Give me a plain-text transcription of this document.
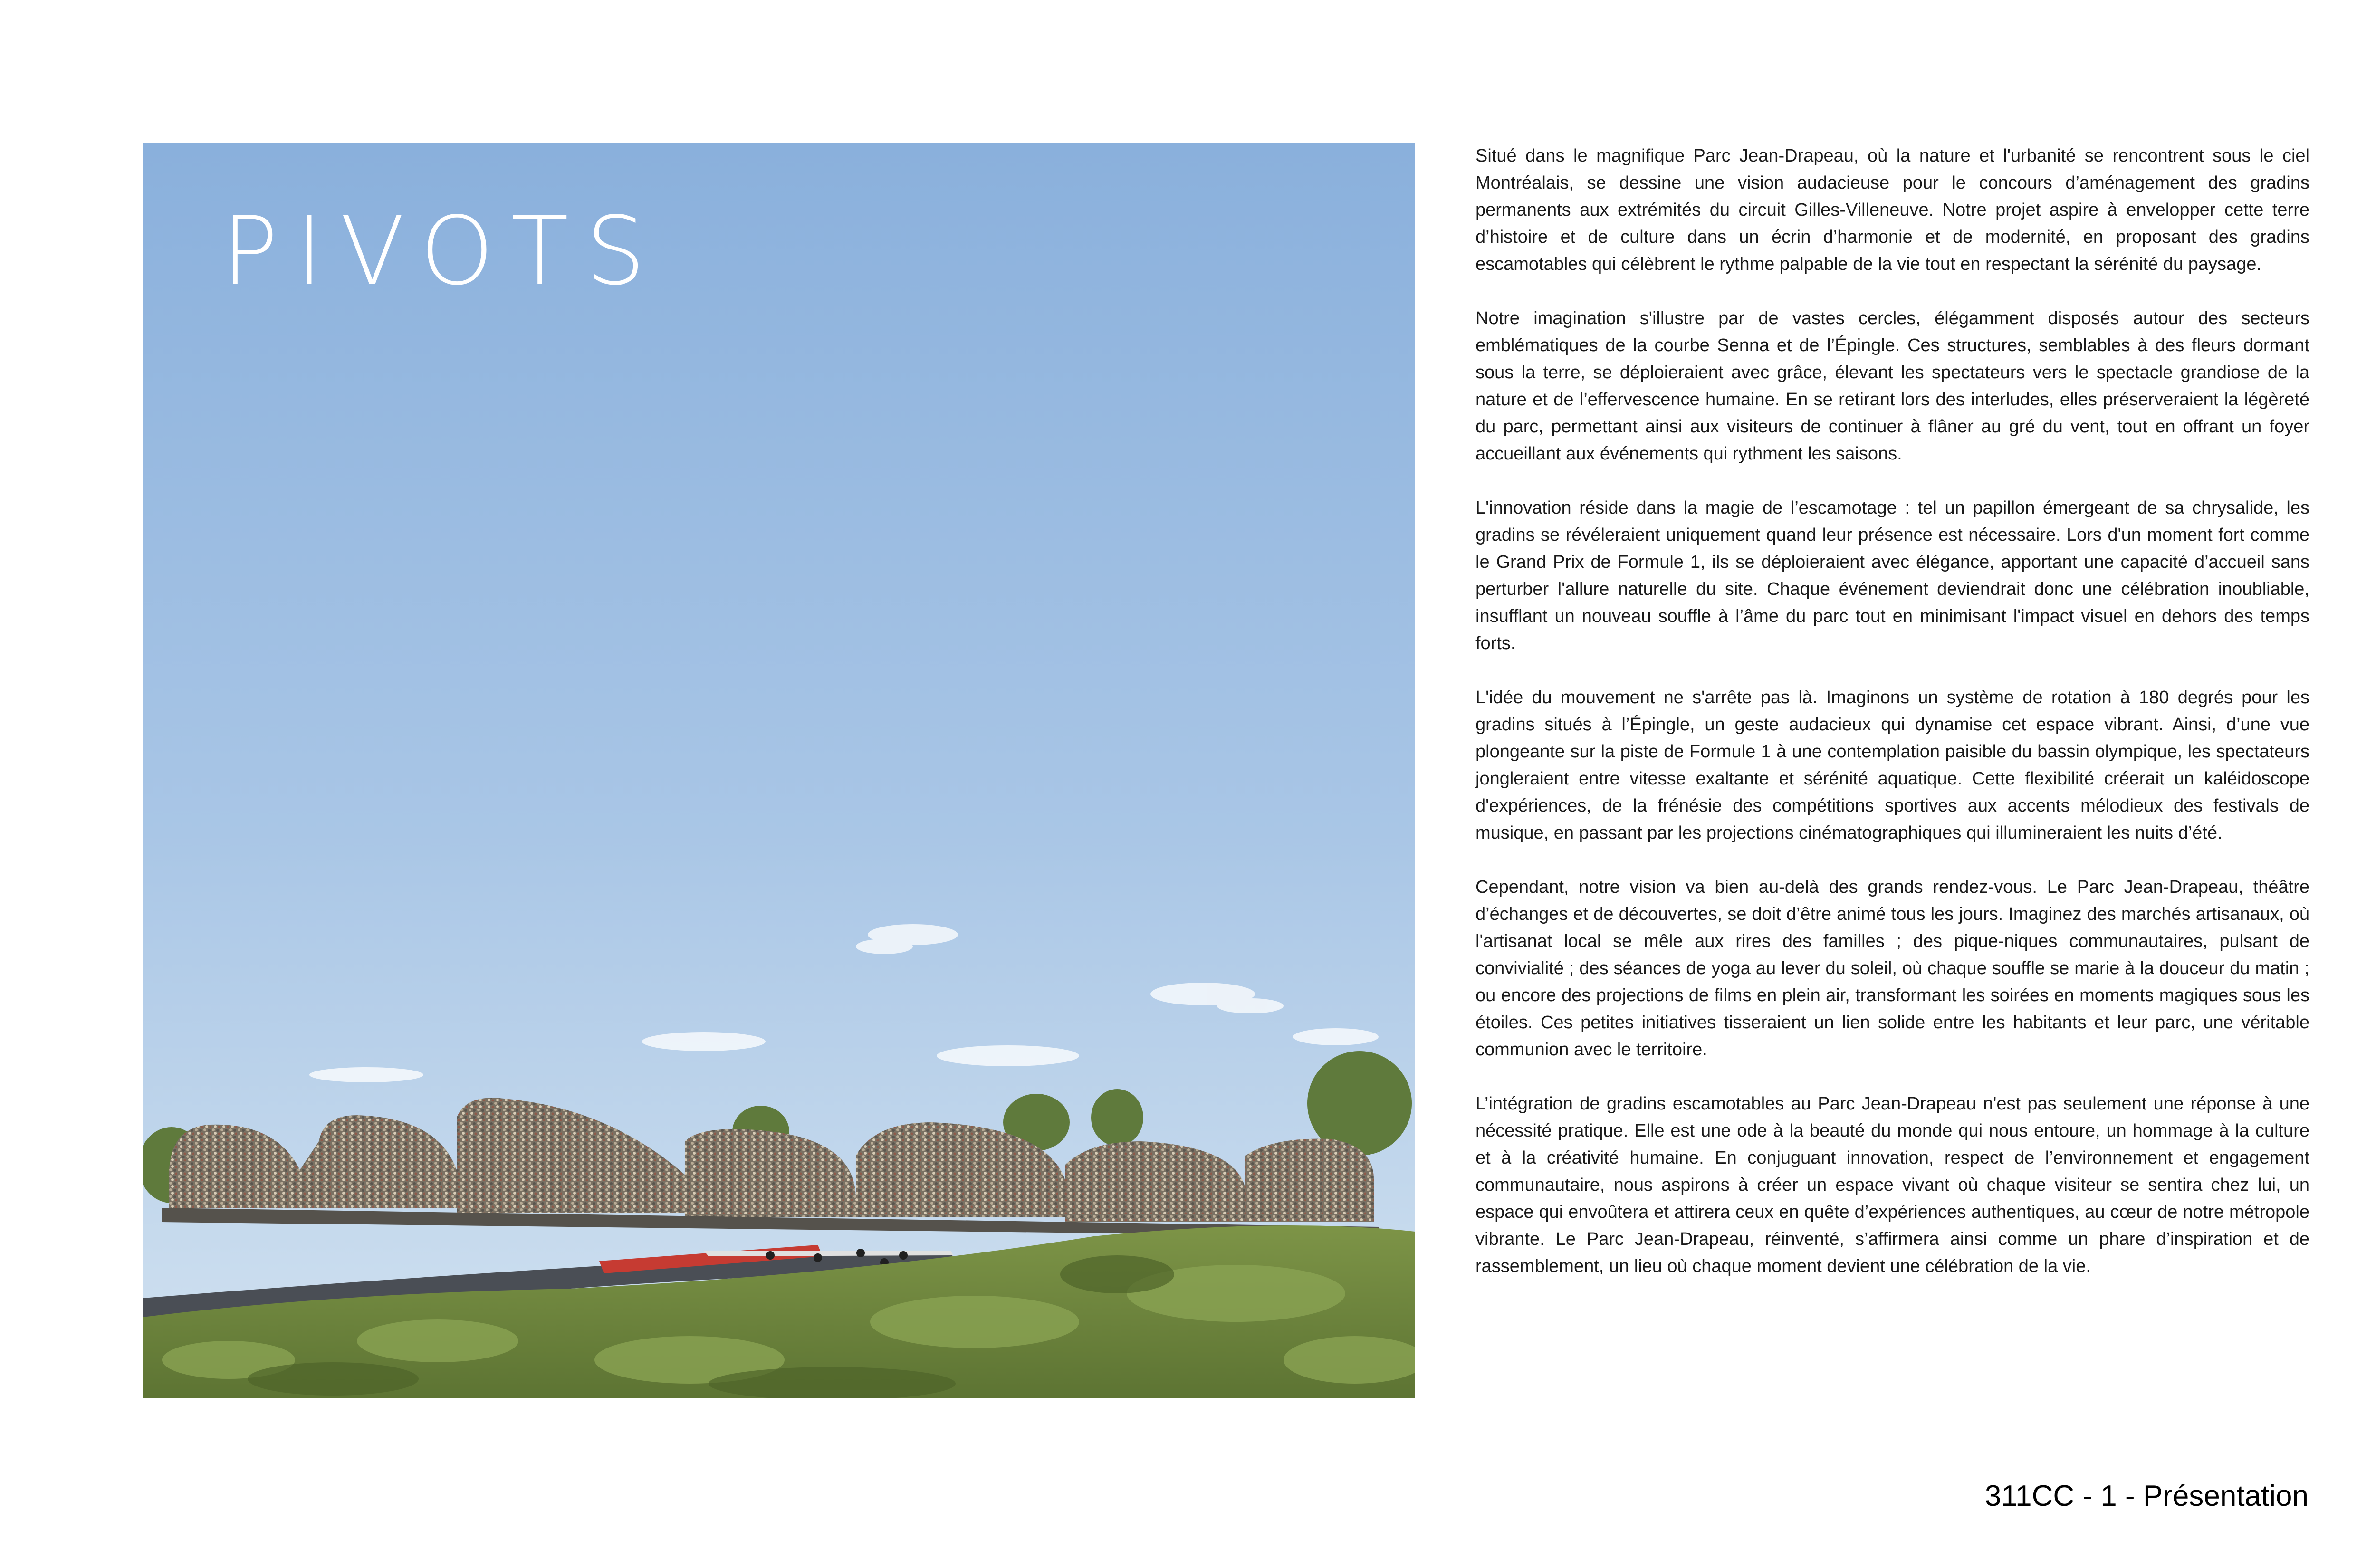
PIVOTS

Situé dans le magnifique Parc Jean-Drapeau, où la nature et l'urbanité se rencontrent sous le ciel Montréalais, se dessine une vision audacieuse pour le concours d’aménagement des gradins permanents aux extrémités du circuit Gilles-Villeneuve. Notre projet aspire à envelopper cette terre d’histoire et de culture dans un écrin d’harmonie et de modernité, en proposant des gradins escamotables qui célèbrent le rythme palpable de la vie tout en respectant la sérénité du paysage.

Notre imagination s'illustre par de vastes cercles, élégamment disposés autour des secteurs emblématiques de la courbe Senna et de l’Épingle. Ces structures, semblables à des fleurs dormant sous la terre, se déploieraient avec grâce, élevant les spectateurs vers le spectacle grandiose de la nature et de l’effervescence humaine. En se retirant lors des interludes, elles préserveraient la légèreté du parc, permettant ainsi aux visiteurs de continuer à flâner au gré du vent, tout en offrant un foyer accueillant aux événements qui rythment les saisons.

L'innovation réside dans la magie de l’escamotage : tel un papillon émergeant de sa chrysalide, les gradins se révéleraient uniquement quand leur présence est nécessaire. Lors d'un moment fort comme le Grand Prix de Formule 1, ils se déploieraient avec élégance, apportant une capacité d’accueil sans perturber l'allure naturelle du site. Chaque événement deviendrait donc une célébration inoubliable, insufflant un nouveau souffle à l’âme du parc tout en minimisant l'impact visuel en dehors des temps forts.

L'idée du mouvement ne s'arrête pas là. Imaginons un système de rotation à 180 degrés pour les gradins situés à l’Épingle, un geste audacieux qui dynamise cet espace vibrant. Ainsi, d’une vue plongeante sur la piste de Formule 1 à une contemplation paisible du bassin olympique, les spectateurs jongleraient entre vitesse exaltante et sérénité aquatique. Cette flexibilité créerait un kaléidoscope d'expériences, de la frénésie des compétitions sportives aux accents mélodieux des festivals de musique, en passant par les projections cinématographiques qui illumineraient les nuits d’été.

Cependant, notre vision va bien au-delà des grands rendez-vous. Le Parc Jean-Drapeau, théâtre d’échanges et de découvertes, se doit d’être animé tous les jours. Imaginez des marchés artisanaux, où l'artisanat local se mêle aux rires des familles ; des pique-niques communautaires, pulsant de convivialité ; des séances de yoga au lever du soleil, où chaque souffle se marie à la douceur du matin ; ou encore des projections de films en plein air, transformant les soirées en moments magiques sous les étoiles. Ces petites initiatives tisseraient un lien solide entre les habitants et leur parc, une véritable communion avec le territoire.

L’intégration de gradins escamotables au Parc Jean-Drapeau n'est pas seulement une réponse à une nécessité pratique. Elle est une ode à la beauté du monde qui nous entoure, un hommage à la culture et à la créativité humaine. En conjuguant innovation, respect de l’environnement et engagement communautaire, nous aspirons à créer un espace vivant où chaque visiteur se sentira chez lui, un espace qui envoûtera et attirera ceux en quête d’expériences authentiques, au cœur de notre métropole vibrante. Le Parc Jean-Drapeau, réinventé, s’affirmera ainsi comme un phare d’inspiration et de rassemblement, un lieu où chaque moment devient une célébration de la vie.

311CC - 1 - Présentation
